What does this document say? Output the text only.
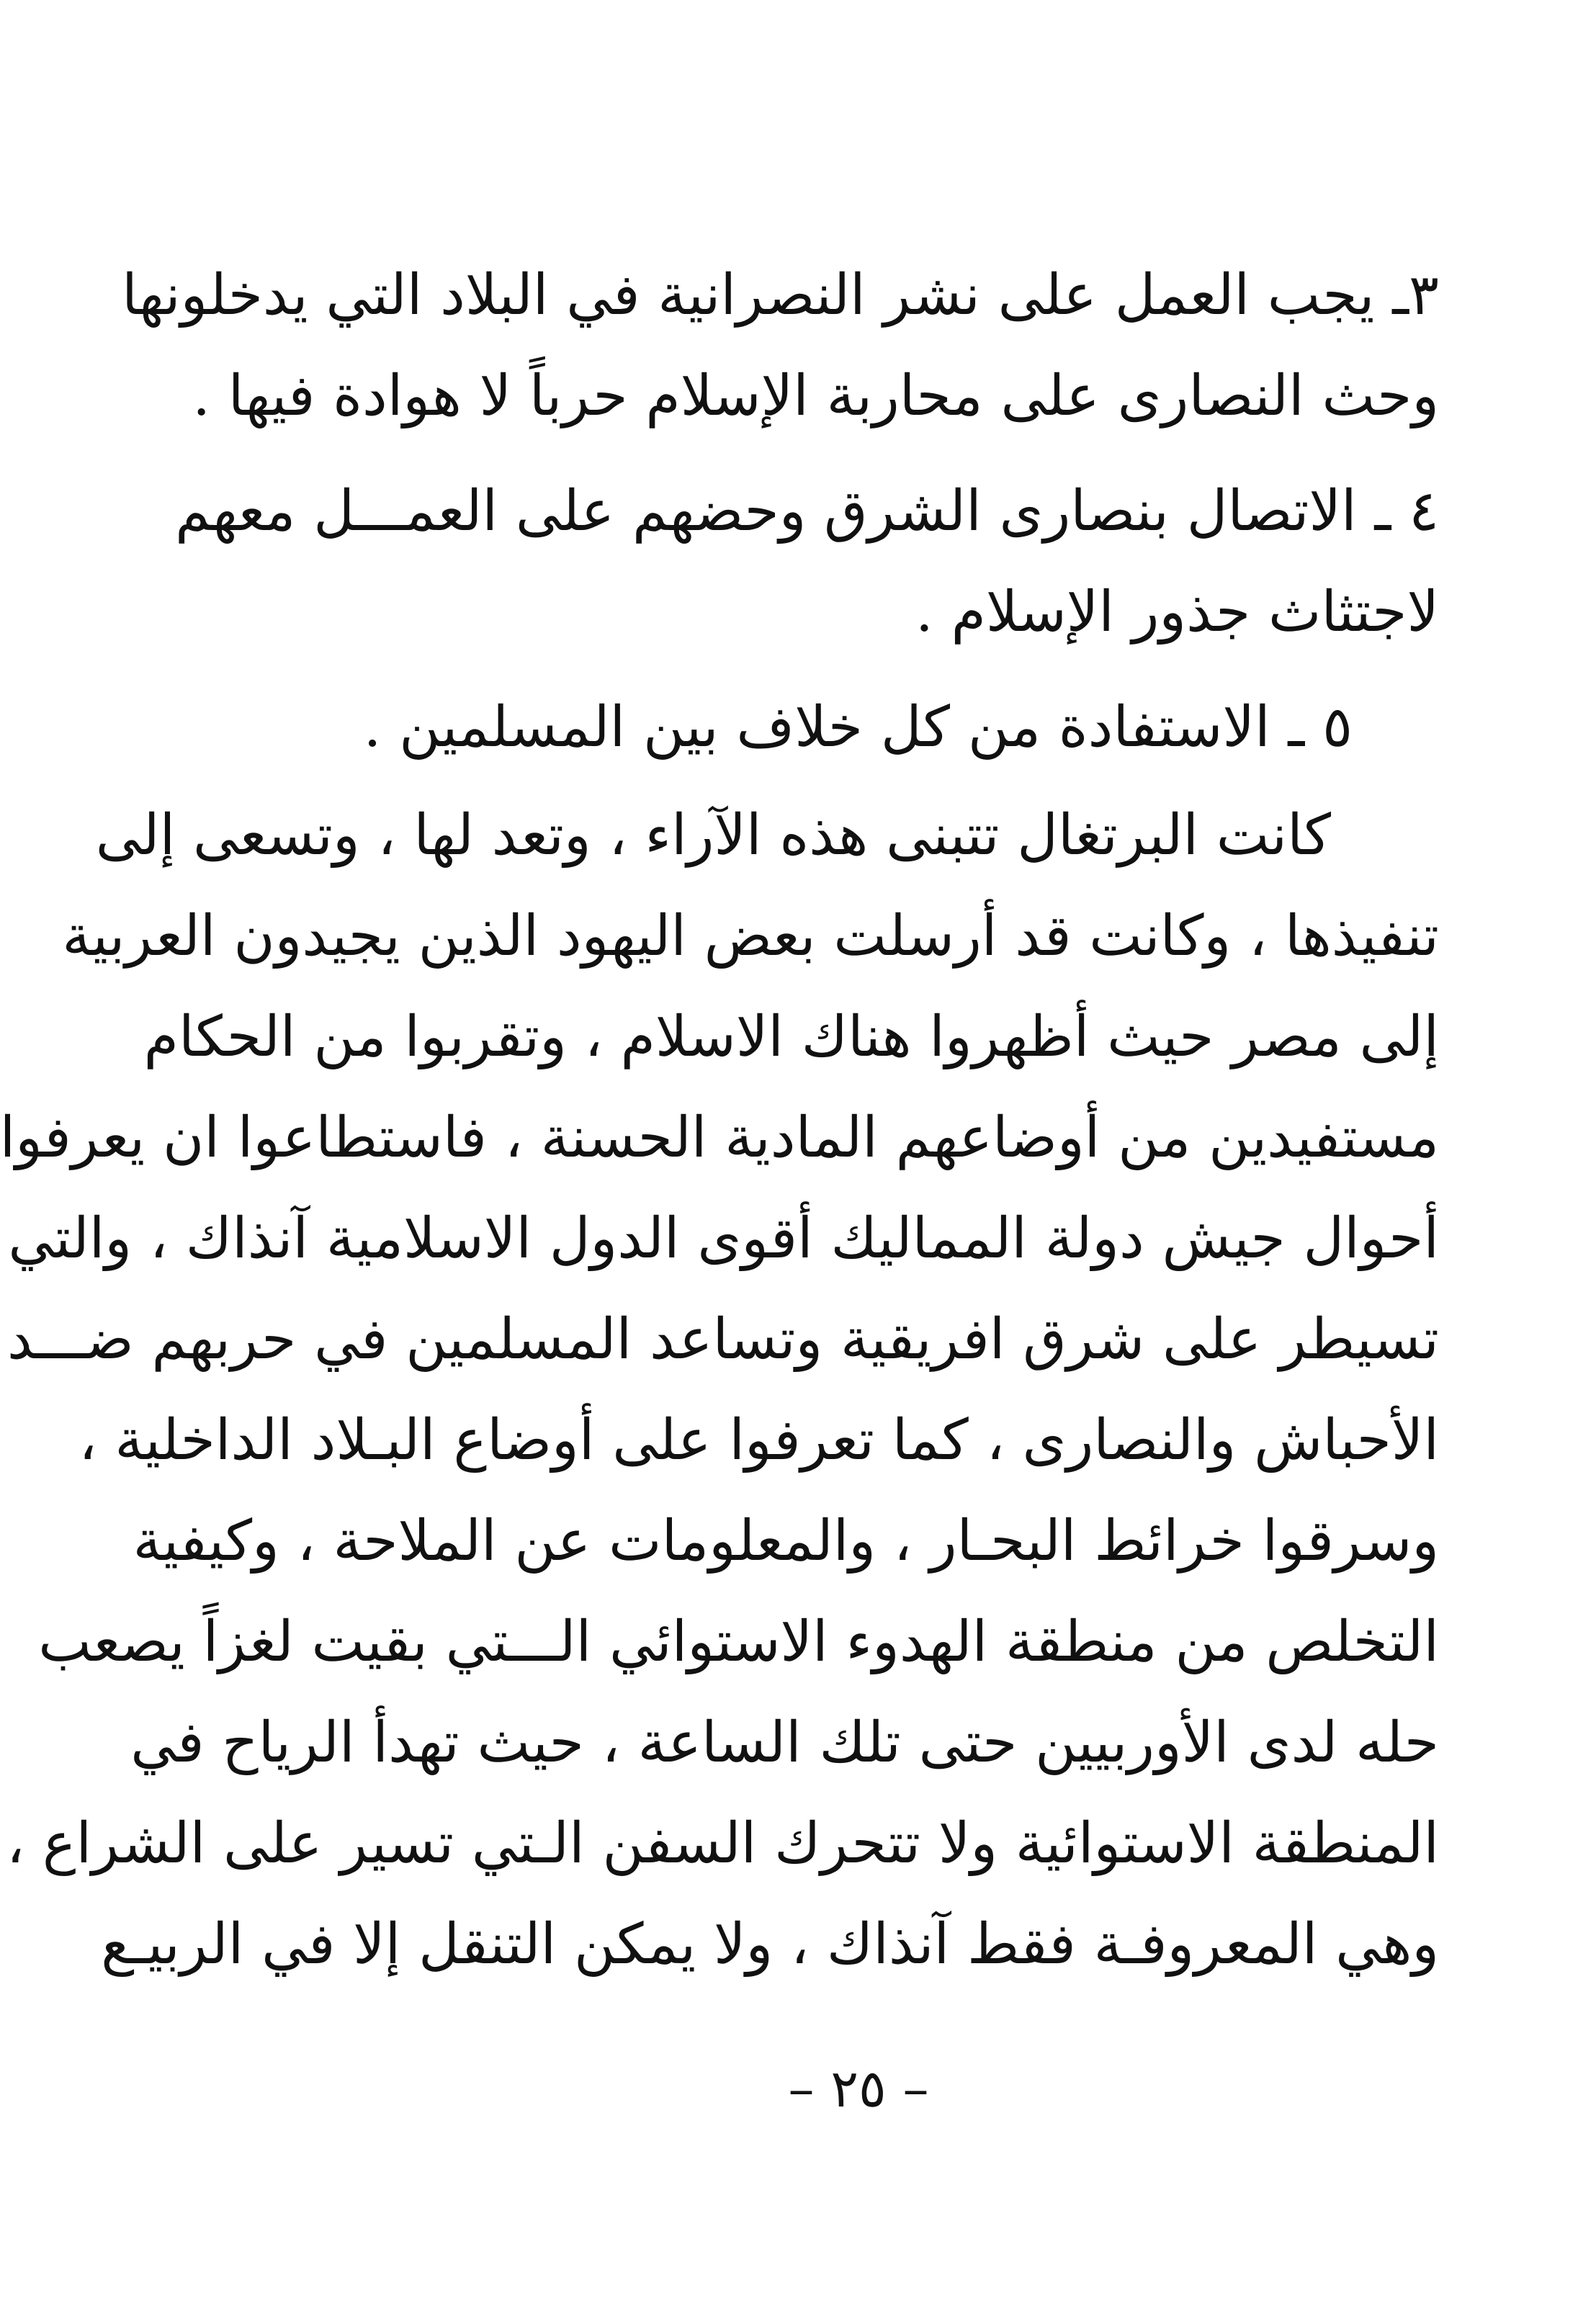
٣ـ يجب العمل على نشر النصرانية في البلاد التي يدخلونها
وحث النصارى على محاربة الإسلام حرباً لا هوادة فيها .
٤ ـ الاتصال بنصارى الشرق وحضهم على العمـــل معهم
لاجتثاث جذور الإسلام .
٥ ـ الاستفادة من كل خلاف بين المسلمين .
كانت البرتغال تتبنى هذه الآراء ، وتعد لها ، وتسعى إلى
تنفيذها ، وكانت قد أرسلت بعض اليهود الذين يجيدون العربية
إلى مصر حيث أظهروا هناك الاسلام ، وتقربوا من الحكام
مستفيدين من أوضاعهم المادية الحسنة ، فاستطاعوا ان يعرفوا
أحوال جيش دولة المماليك أقوى الدول الاسلامية آنذاك ، والتي
تسيطر على شرق افريقية وتساعد المسلمين في حربهم ضـــد
الأحباش والنصارى ، كما تعرفوا على أوضاع البـلاد الداخلية ،
وسرقوا خرائط البحـار ، والمعلومات عن الملاحة ، وكيفية
التخلص من منطقة الهدوء الاستوائي الـــتي بقيت لغزاً يصعب
حله لدى الأوربيين حتى تلك الساعة ، حيث تهدأ الرياح في
المنطقة الاستوائية ولا تتحرك السفن الـتي تسير على الشراع ،
وهي المعروفـة فقط آنذاك ، ولا يمكن التنقل إلا في الربيـع
– ٢٥ –
